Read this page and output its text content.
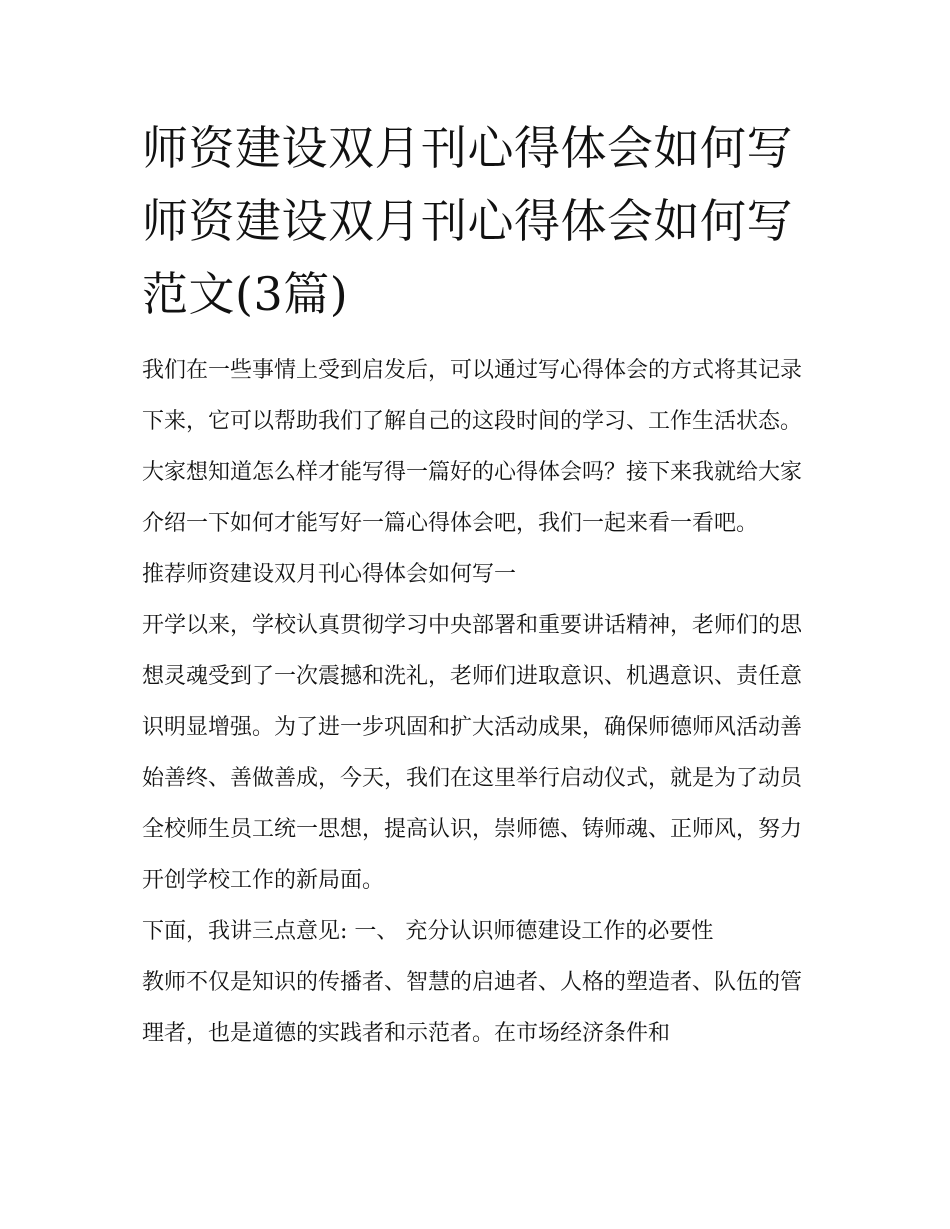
师资建设双月刊心得体会如何写 师资建设双月刊心得体会如何写范文(3篇)

我们在一些事情上受到启发后，可以通过写心得体会的方式将其记录下来，它可以帮助我们了解自己的这段时间的学习、工作生活状态。大家想知道怎么样才能写得一篇好的心得体会吗？接下来我就给大家介绍一下如何才能写好一篇心得体会吧，我们一起来看一看吧。

推荐师资建设双月刊心得体会如何写一

开学以来，学校认真贯彻学习中央部署和重要讲话精神，老师们的思想灵魂受到了一次震撼和洗礼，老师们进取意识、机遇意识、责任意识明显增强。为了进一步巩固和扩大活动成果，确保师德师风活动善始善终、善做善成，今天，我们在这里举行启动仪式，就是为了动员全校师生员工统一思想，提高认识，崇师德、铸师魂、正师风，努力开创学校工作的新局面。

下面，我讲三点意见: 一、 充分认识师德建设工作的必要性

教师不仅是知识的传播者、智慧的启迪者、人格的塑造者、队伍的管理者，也是道德的实践者和示范者。在市场经济条件和
